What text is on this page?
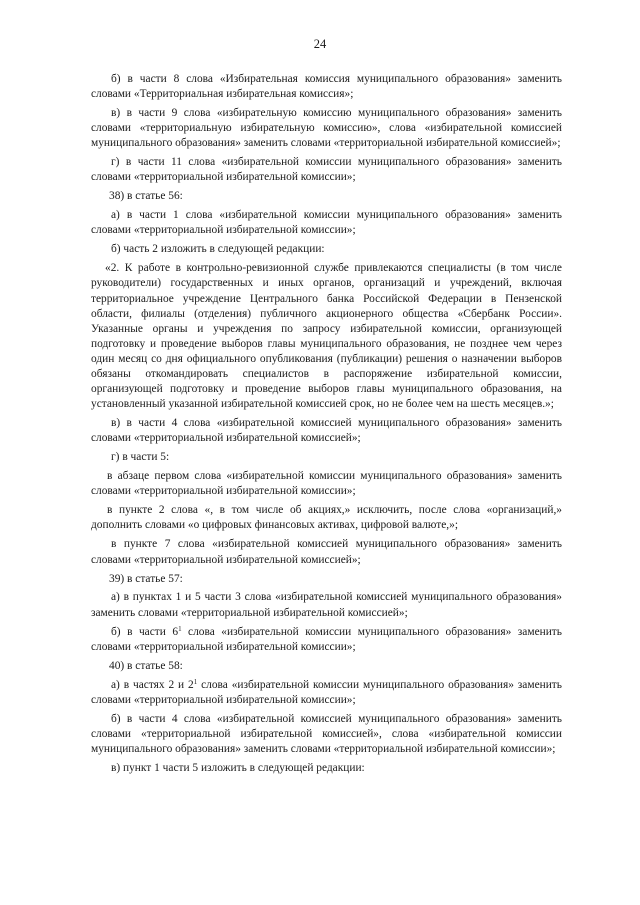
24

б) в части 8 слова «Избирательная комиссия муниципального образования» заменить словами «Территориальная избирательная комиссия»;

в) в части 9 слова «избирательную комиссию муниципального образования» заменить словами «территориальную избирательную комиссию», слова «избирательной комиссией муниципального образования» заменить словами «территориальной избирательной комиссией»;

г) в части 11 слова «избирательной комиссии муниципального образования» заменить словами «территориальной избирательной комиссии»;

38) в статье 56:

а) в части 1 слова «избирательной комиссии муниципального образования» заменить словами «территориальной избирательной комиссии»;

б) часть 2 изложить в следующей редакции:

«2. К работе в контрольно-ревизионной службе привлекаются специалисты (в том числе руководители) государственных и иных органов, организаций и учреждений, включая территориальное учреждение Центрального банка Российской Федерации в Пензенской области, филиалы (отделения) публичного акционерного общества «Сбербанк России». Указанные органы и учреждения по запросу избирательной комиссии, организующей подготовку и проведение выборов главы муниципального образования, не позднее чем через один месяц со дня официального опубликования (публикации) решения о назначении выборов обязаны откомандировать специалистов в распоряжение избирательной комиссии, организующей подготовку и проведение выборов главы муниципального образования, на установленный указанной избирательной комиссией срок, но не более чем на шесть месяцев.»;

в) в части 4 слова «избирательной комиссией муниципального образования» заменить словами «территориальной избирательной комиссией»;

г) в части 5:

в абзаце первом слова «избирательной комиссии муниципального образования» заменить словами «территориальной избирательной комиссии»;

в пункте 2 слова «, в том числе об акциях,» исключить, после слова «организаций,» дополнить словами «о цифровых финансовых активах, цифровой валюте,»;

в пункте 7 слова «избирательной комиссией муниципального образования» заменить словами «территориальной избирательной комиссией»;

39) в статье 57:

а) в пунктах 1 и 5 части 3 слова «избирательной комиссией муниципального образования» заменить словами «территориальной избирательной комиссией»;

б) в части $6^1$ слова «избирательной комиссии муниципального образования» заменить словами «территориальной избирательной комиссии»;

40) в статье 58:

а) в частях 2 и $2^1$ слова «избирательной комиссии муниципального образования» заменить словами «территориальной избирательной комиссии»;

б) в части 4 слова «избирательной комиссией муниципального образования» заменить словами «территориальной избирательной комиссией», слова «избирательной комиссии муниципального образования» заменить словами «территориальной избирательной комиссии»;

в) пункт 1 части 5 изложить в следующей редакции:
